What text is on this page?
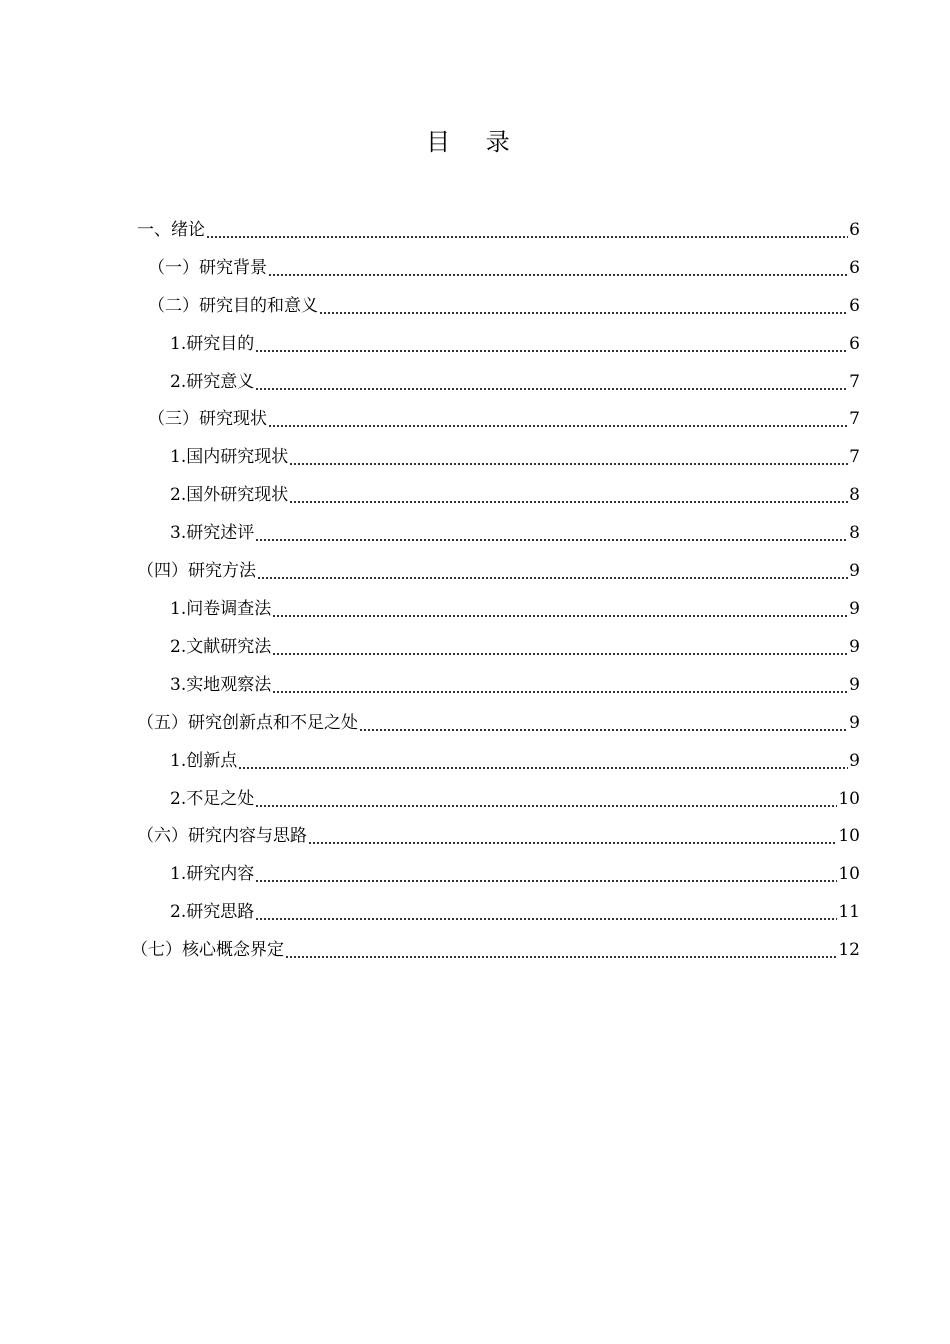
目 录
一、绪论	6
（一）研究背景	6
（二）研究目的和意义	6
1.研究目的	6
2.研究意义	7
（三）研究现状	7
1.国内研究现状	7
2.国外研究现状	8
3.研究述评	8
（四）研究方法	9
1.问卷调查法	9
2.文献研究法	9
3.实地观察法	9
（五）研究创新点和不足之处	9
1.创新点	9
2.不足之处	10
（六）研究内容与思路	10
1.研究内容	10
2.研究思路	11
（七）核心概念界定	12
